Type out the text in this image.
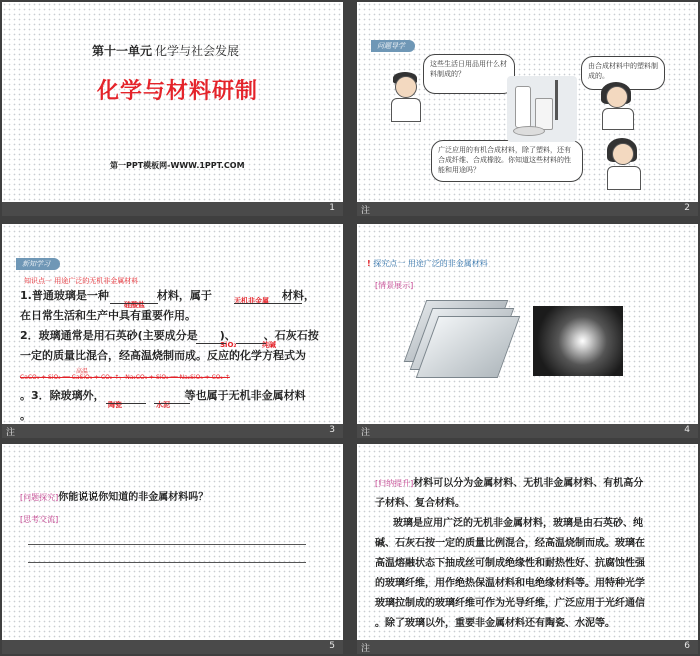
第十一单元 化学与社会发展
化学与材料研制
第一PPT模板网-WWW.1PPT.COM
1
问题导学
这些生活日用品用什么材料制成的？
由合成材料中的塑料制成的。
广泛应用的有机合成材料，除了塑料，还有合成纤维、合成橡胶。你知道这些材料的性能和用途吗？
注	2
新知学习
知识点一 用途广泛的无机非金属材料
1.普通玻璃是一种	材料，属于	材料，
硅酸盐	无机非金属
在日常生活和生产中具有重要作用。
2．玻璃通常是用石英砂(主要成分是 )、	、石灰石按
SiO₂	纯碱
一定的质量比混合，经高温烧制而成。反应的化学方程式为
CaCO₃ + SiO₂ ══ CaSiO₃ + CO₂ ↑，Na₂CO₃ + SiO₂ ══ Na₂SiO₃ + CO₂ ↑
高温
。3．除玻璃外，	等也属于无机非金属材料
陶瓷	水泥
。
注	3
! 探究点一 用途广泛的非金属材料
[情景展示]
注	4
[问题探究]你能说说你知道的非金属材料吗？
[思考交流]
5
[归纳提升]材料可以分为金属材料、无机非金属材料、有机高分
子材料、复合材料。
玻璃是应用广泛的无机非金属材料，玻璃是由石英砂、纯
碱、石灰石按一定的质量比例混合，经高温烧制而成。玻璃在
高温熔融状态下抽成丝可制成绝缘性和耐热性好、抗腐蚀性强
的玻璃纤维，用作绝热保温材料和电绝缘材料等。用特种光学
玻璃拉制成的玻璃纤维可作为光导纤维，广泛应用于光纤通信
。除了玻璃以外，重要非金属材料还有陶瓷、水泥等。
注	6
